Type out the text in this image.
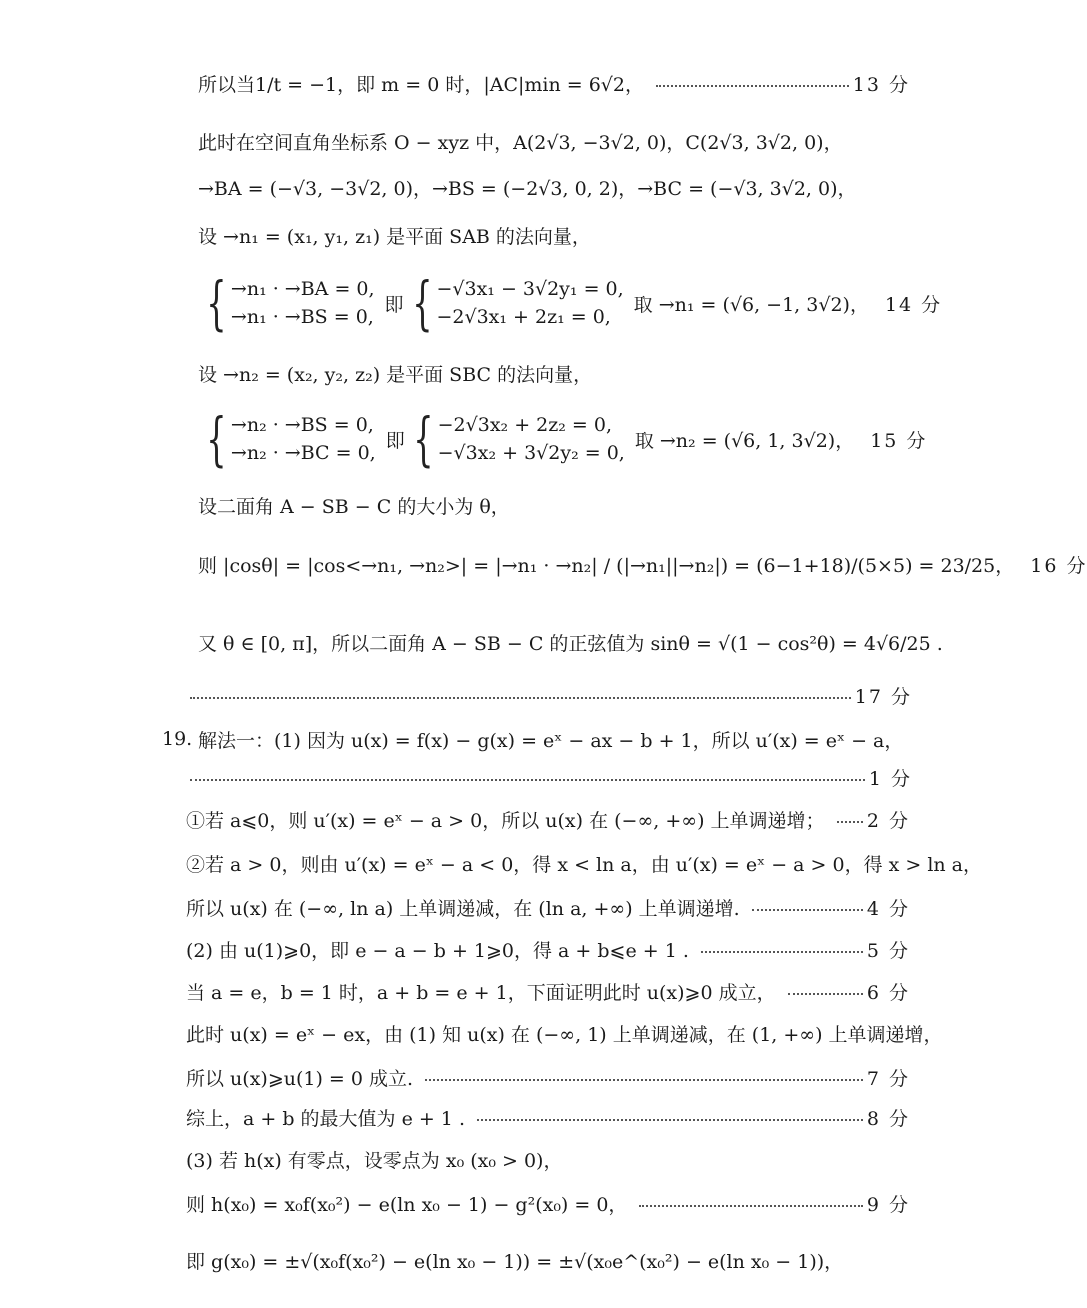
所以当1/t = −1，即 m = 0 时，|AC|min = 6√2，	13 分
此时在空间直角坐标系 O − xyz 中，A(2√3, −3√2, 0)，C(2√3, 3√2, 0)，
→BA = (−√3, −3√2, 0)，→BS = (−2√3, 0, 2)，→BC = (−√3, 3√2, 0)，
设 →n₁ = (x₁, y₁, z₁) 是平面 SAB 的法向量，
{ →n₁ · →BA = 0,
→n₁ · →BS = 0,
即 { −√3x₁ − 3√2y₁ = 0,
−2√3x₁ + 2z₁ = 0,
取 →n₁ = (√6, −1, 3√2)， 14 分
设 →n₂ = (x₂, y₂, z₂) 是平面 SBC 的法向量，
{ →n₂ · →BS = 0,
→n₂ · →BC = 0,
即 { −2√3x₂ + 2z₂ = 0,
−√3x₂ + 3√2y₂ = 0,
取 →n₂ = (√6, 1, 3√2)， 15 分
设二面角 A − SB − C 的大小为 θ，
则 |cosθ| = |cos<→n₁, →n₂>| = |→n₁ · →n₂| / (|→n₁||→n₂|) = (6−1+18)/(5×5) = 23/25， 16 分
又 θ ∈ [0, π]，所以二面角 A − SB − C 的正弦值为 sinθ = √(1 − cos²θ) = 4√6/25 .
17 分
19. 解法一：(1) 因为 u(x) = f(x) − g(x) = eˣ − ax − b + 1，所以 u′(x) = eˣ − a，
1 分
①若 a⩽0，则 u′(x) = eˣ − a > 0，所以 u(x) 在 (−∞, +∞) 上单调递增； 2 分
②若 a > 0，则由 u′(x) = eˣ − a < 0，得 x < ln a，由 u′(x) = eˣ − a > 0，得 x > ln a，
所以 u(x) 在 (−∞, ln a) 上单调递减，在 (ln a, +∞) 上单调递增.	4 分
(2) 由 u(1)⩾0，即 e − a − b + 1⩾0，得 a + b⩽e + 1 .	5 分
当 a = e，b = 1 时，a + b = e + 1，下面证明此时 u(x)⩾0 成立，	6 分
此时 u(x) = eˣ − ex，由 (1) 知 u(x) 在 (−∞, 1) 上单调递减，在 (1, +∞) 上单调递增，
所以 u(x)⩾u(1) = 0 成立.	7 分
综上，a + b 的最大值为 e + 1 .	8 分
(3) 若 h(x) 有零点，设零点为 x₀ (x₀ > 0)，
则 h(x₀) = x₀f(x₀²) − e(ln x₀ − 1) − g²(x₀) = 0，	9 分
即 g(x₀) = ±√(x₀f(x₀²) − e(ln x₀ − 1)) = ±√(x₀e^(x₀²) − e(ln x₀ − 1))，
